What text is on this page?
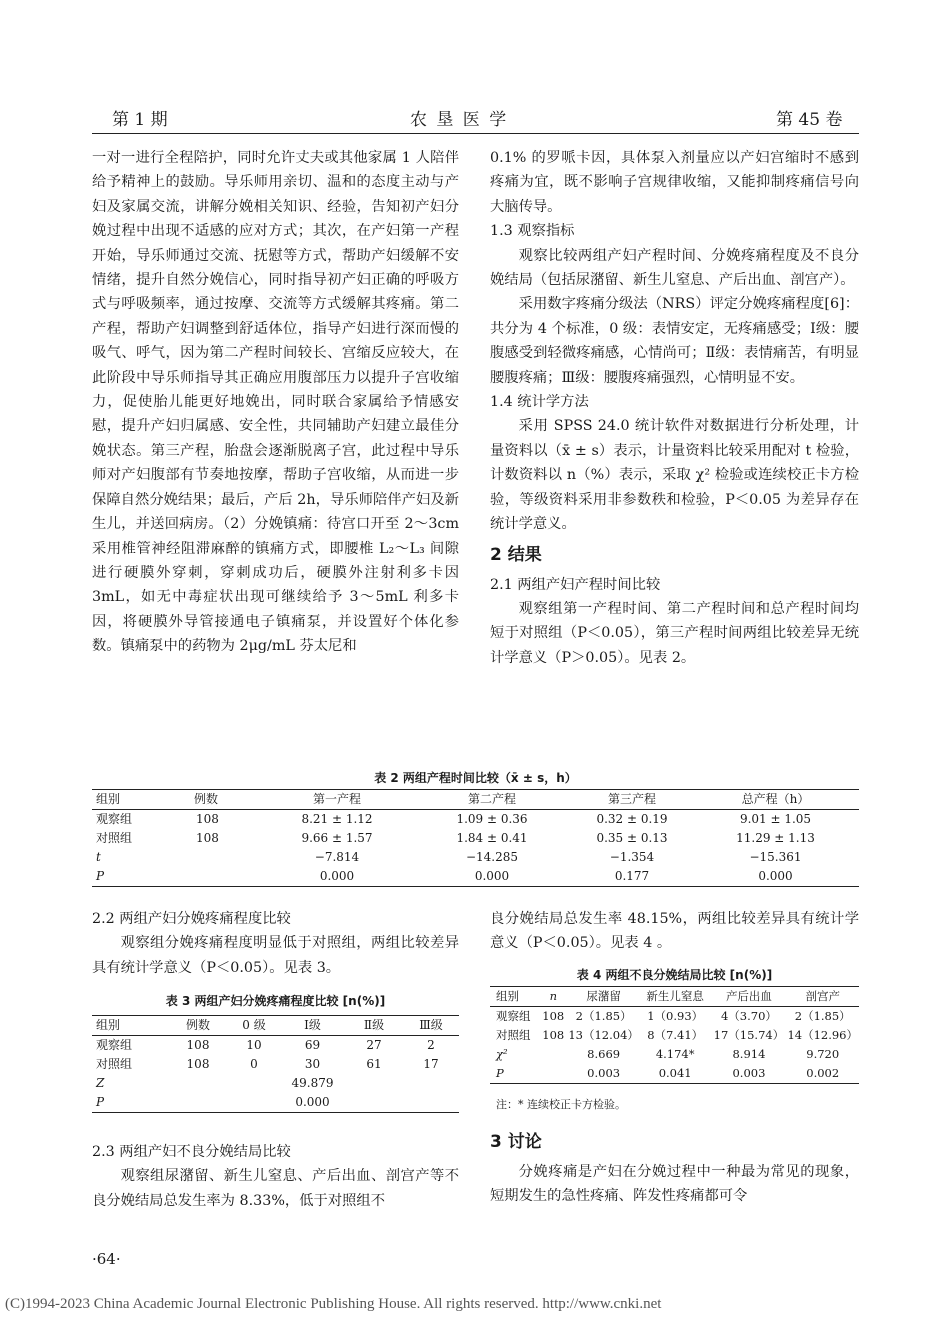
第 1 期	农 垦 医 学	第 45 卷

一对一进行全程陪护，同时允许丈夫或其他家属 1 人陪伴给予精神上的鼓励。导乐师用亲切、温和的态度主动与产妇及家属交流，讲解分娩相关知识、经验，告知初产妇分娩过程中出现不适感的应对方式；其次，在产妇第一产程开始，导乐师通过交流、抚慰等方式，帮助产妇缓解不安情绪，提升自然分娩信心，同时指导初产妇正确的呼吸方式与呼吸频率，通过按摩、交流等方式缓解其疼痛。第二产程，帮助产妇调整到舒适体位，指导产妇进行深而慢的吸气、呼气，因为第二产程时间较长、宫缩反应较大，在此阶段中导乐师指导其正确应用腹部压力以提升子宫收缩力，促使胎儿能更好地娩出，同时联合家属给予情感安慰，提升产妇归属感、安全性，共同辅助产妇建立最佳分娩状态。第三产程，胎盘会逐渐脱离子宫，此过程中导乐师对产妇腹部有节奏地按摩，帮助子宫收缩，从而进一步保障自然分娩结果；最后，产后 2h，导乐师陪伴产妇及新生儿，并送回病房。（2）分娩镇痛：待宫口开至 2～3cm 采用椎管神经阻滞麻醉的镇痛方式，即腰椎 L₂～L₃ 间隙进行硬膜外穿刺，穿刺成功后，硬膜外注射利多卡因 3mL，如无中毒症状出现可继续给予 3～5mL 利多卡因，将硬膜外导管接通电子镇痛泵，并设置好个体化参数。镇痛泵中的药物为 2μg/mL 芬太尼和

0.1% 的罗哌卡因，具体泵入剂量应以产妇宫缩时不感到疼痛为宜，既不影响子宫规律收缩，又能抑制疼痛信号向大脑传导。

1.3 观察指标

观察比较两组产妇产程时间、分娩疼痛程度及不良分娩结局（包括尿潴留、新生儿窒息、产后出血、剖宫产）。

采用数字疼痛分级法（NRS）评定分娩疼痛程度[6]：共分为 4 个标准，0 级：表情安定，无疼痛感受；Ⅰ级：腰腹感受到轻微疼痛感，心情尚可；Ⅱ级：表情痛苦，有明显腰腹疼痛；Ⅲ级：腰腹疼痛强烈，心情明显不安。

1.4 统计学方法

采用 SPSS 24.0 统计软件对数据进行分析处理，计量资料以（x̄ ± s）表示，计量资料比较采用配对 t 检验，计数资料以 n（%）表示，采取 χ² 检验或连续校正卡方检验，等级资料采用非参数秩和检验，P＜0.05 为差异存在统计学意义。

2 结果

2.1 两组产妇产程时间比较

观察组第一产程时间、第二产程时间和总产程时间均短于对照组（P＜0.05），第三产程时间两组比较差异无统计学意义（P＞0.05）。见表 2。

表 2 两组产程时间比较（x̄ ± s，h）
组别	例数	第一产程	第二产程	第三产程	总产程（h）
观察组	108	8.21 ± 1.12	1.09 ± 0.36	0.32 ± 0.19	9.01 ± 1.05
对照组	108	9.66 ± 1.57	1.84 ± 0.41	0.35 ± 0.13	11.29 ± 1.13
t		−7.814	−14.285	−1.354	−15.361
P		0.000	0.000	0.177	0.000

2.2 两组产妇分娩疼痛程度比较

观察组分娩疼痛程度明显低于对照组，两组比较差异具有统计学意义（P＜0.05）。见表 3。

表 3 两组产妇分娩疼痛程度比较 [n(%)]
组别	例数	0 级	Ⅰ级	Ⅱ级	Ⅲ级
观察组	108	10	69	27	2
对照组	108	0	30	61	17
Z			49.879		
P			0.000		

2.3 两组产妇不良分娩结局比较

观察组尿潴留、新生儿窒息、产后出血、剖宫产等不良分娩结局总发生率为 8.33%，低于对照组不

良分娩结局总发生率 48.15%，两组比较差异具有统计学意义（P＜0.05）。见表 4 。

表 4 两组不良分娩结局比较 [n(%)]
组别	n	尿潴留	新生儿窒息	产后出血	剖宫产
观察组	108	2（1.85）	1（0.93）	4（3.70）	2（1.85）
对照组	108	13（12.04）	8（7.41）	17（15.74）	14（12.96）
χ²		8.669	4.174*	8.914	9.720
P		0.003	0.041	0.003	0.002
注：* 连续校正卡方检验。
3 讨论

分娩疼痛是产妇在分娩过程中一种最为常见的现象，短期发生的急性疼痛、阵发性疼痛都可令

·64·
(C)1994-2023 China Academic Journal Electronic Publishing House. All rights reserved. http://www.cnki.net
